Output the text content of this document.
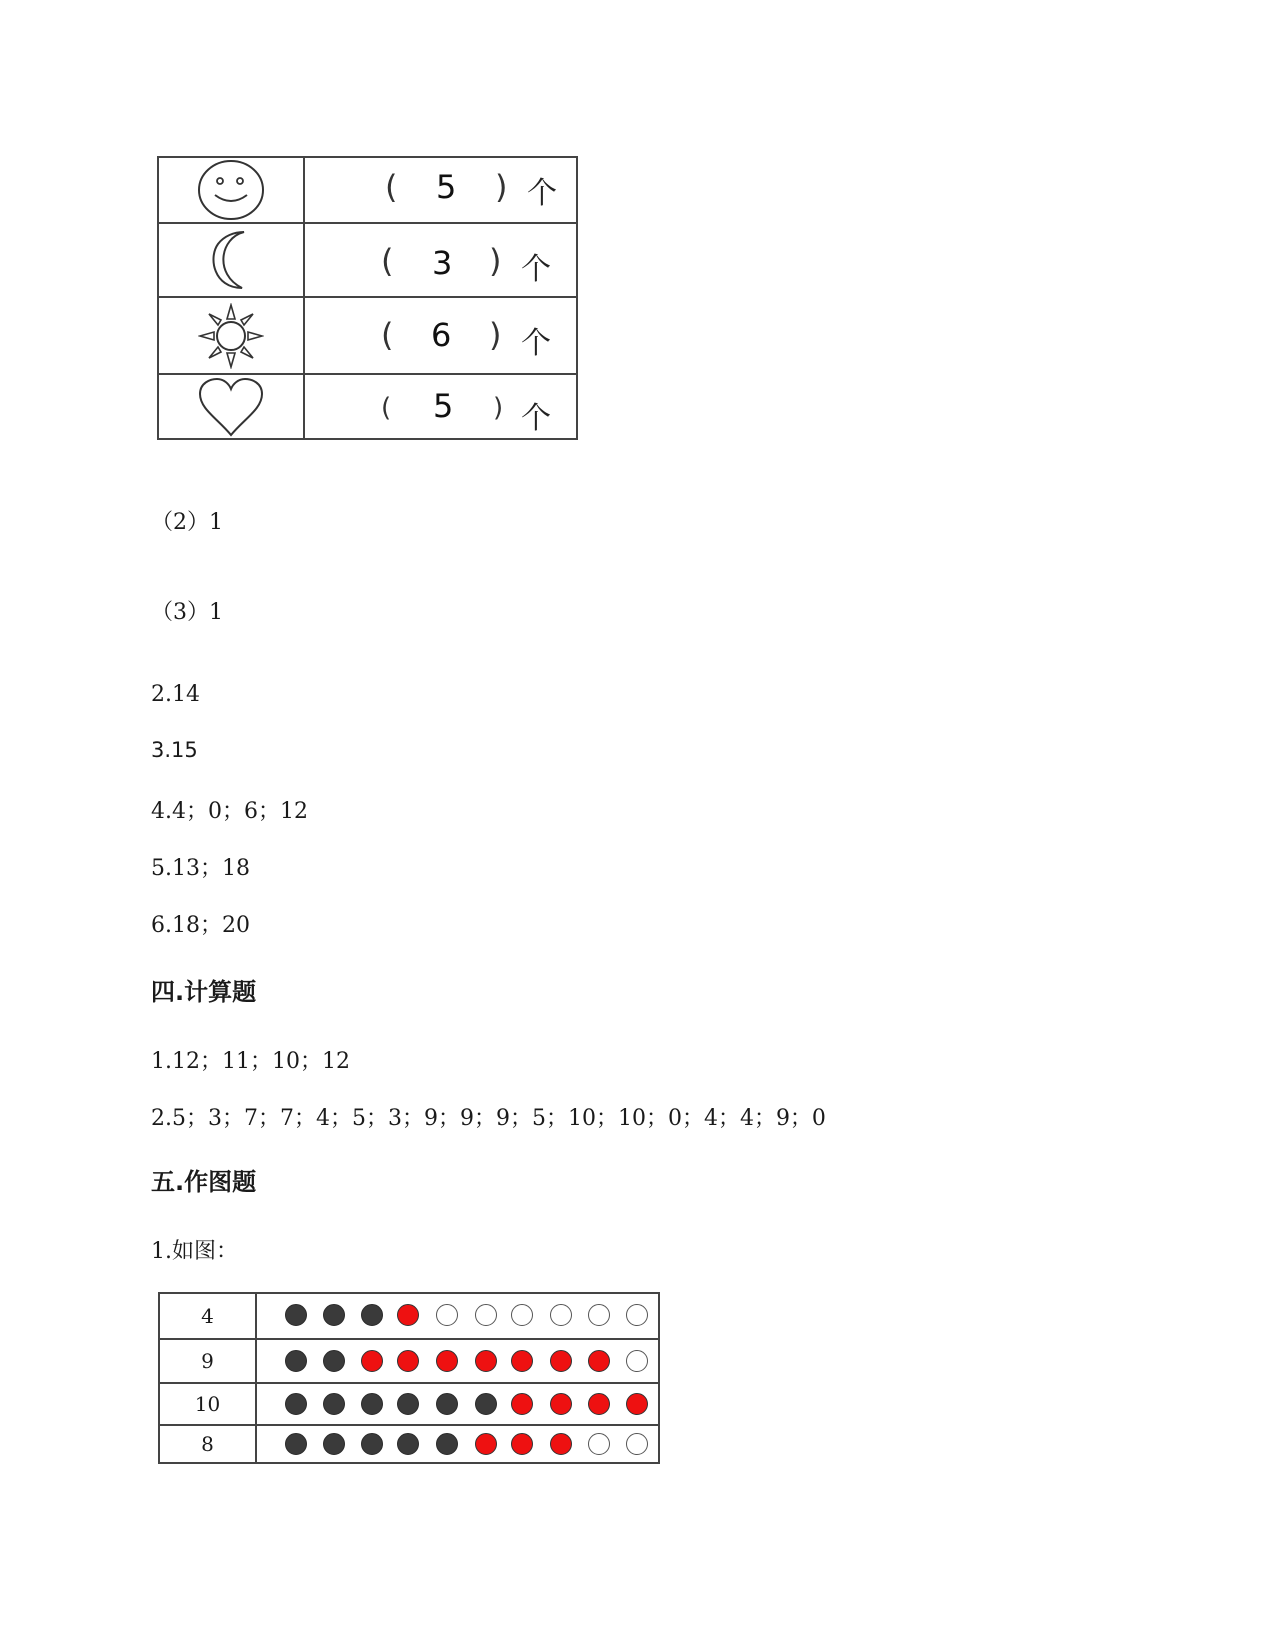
( 5 ) 个
( 3 ) 个
( 6 ) 个
( 5 ) 个
（2）1
（3）1
2.14
3.15
4.4；0；6；12
5.13；18
6.18；20
四.计算题
1.12；11；10；12
2.5；3；7；7；4；5；3；9；9；9；5；10；10；0；4；4；9；0
五.作图题
1.如图：
4
9
10
8
